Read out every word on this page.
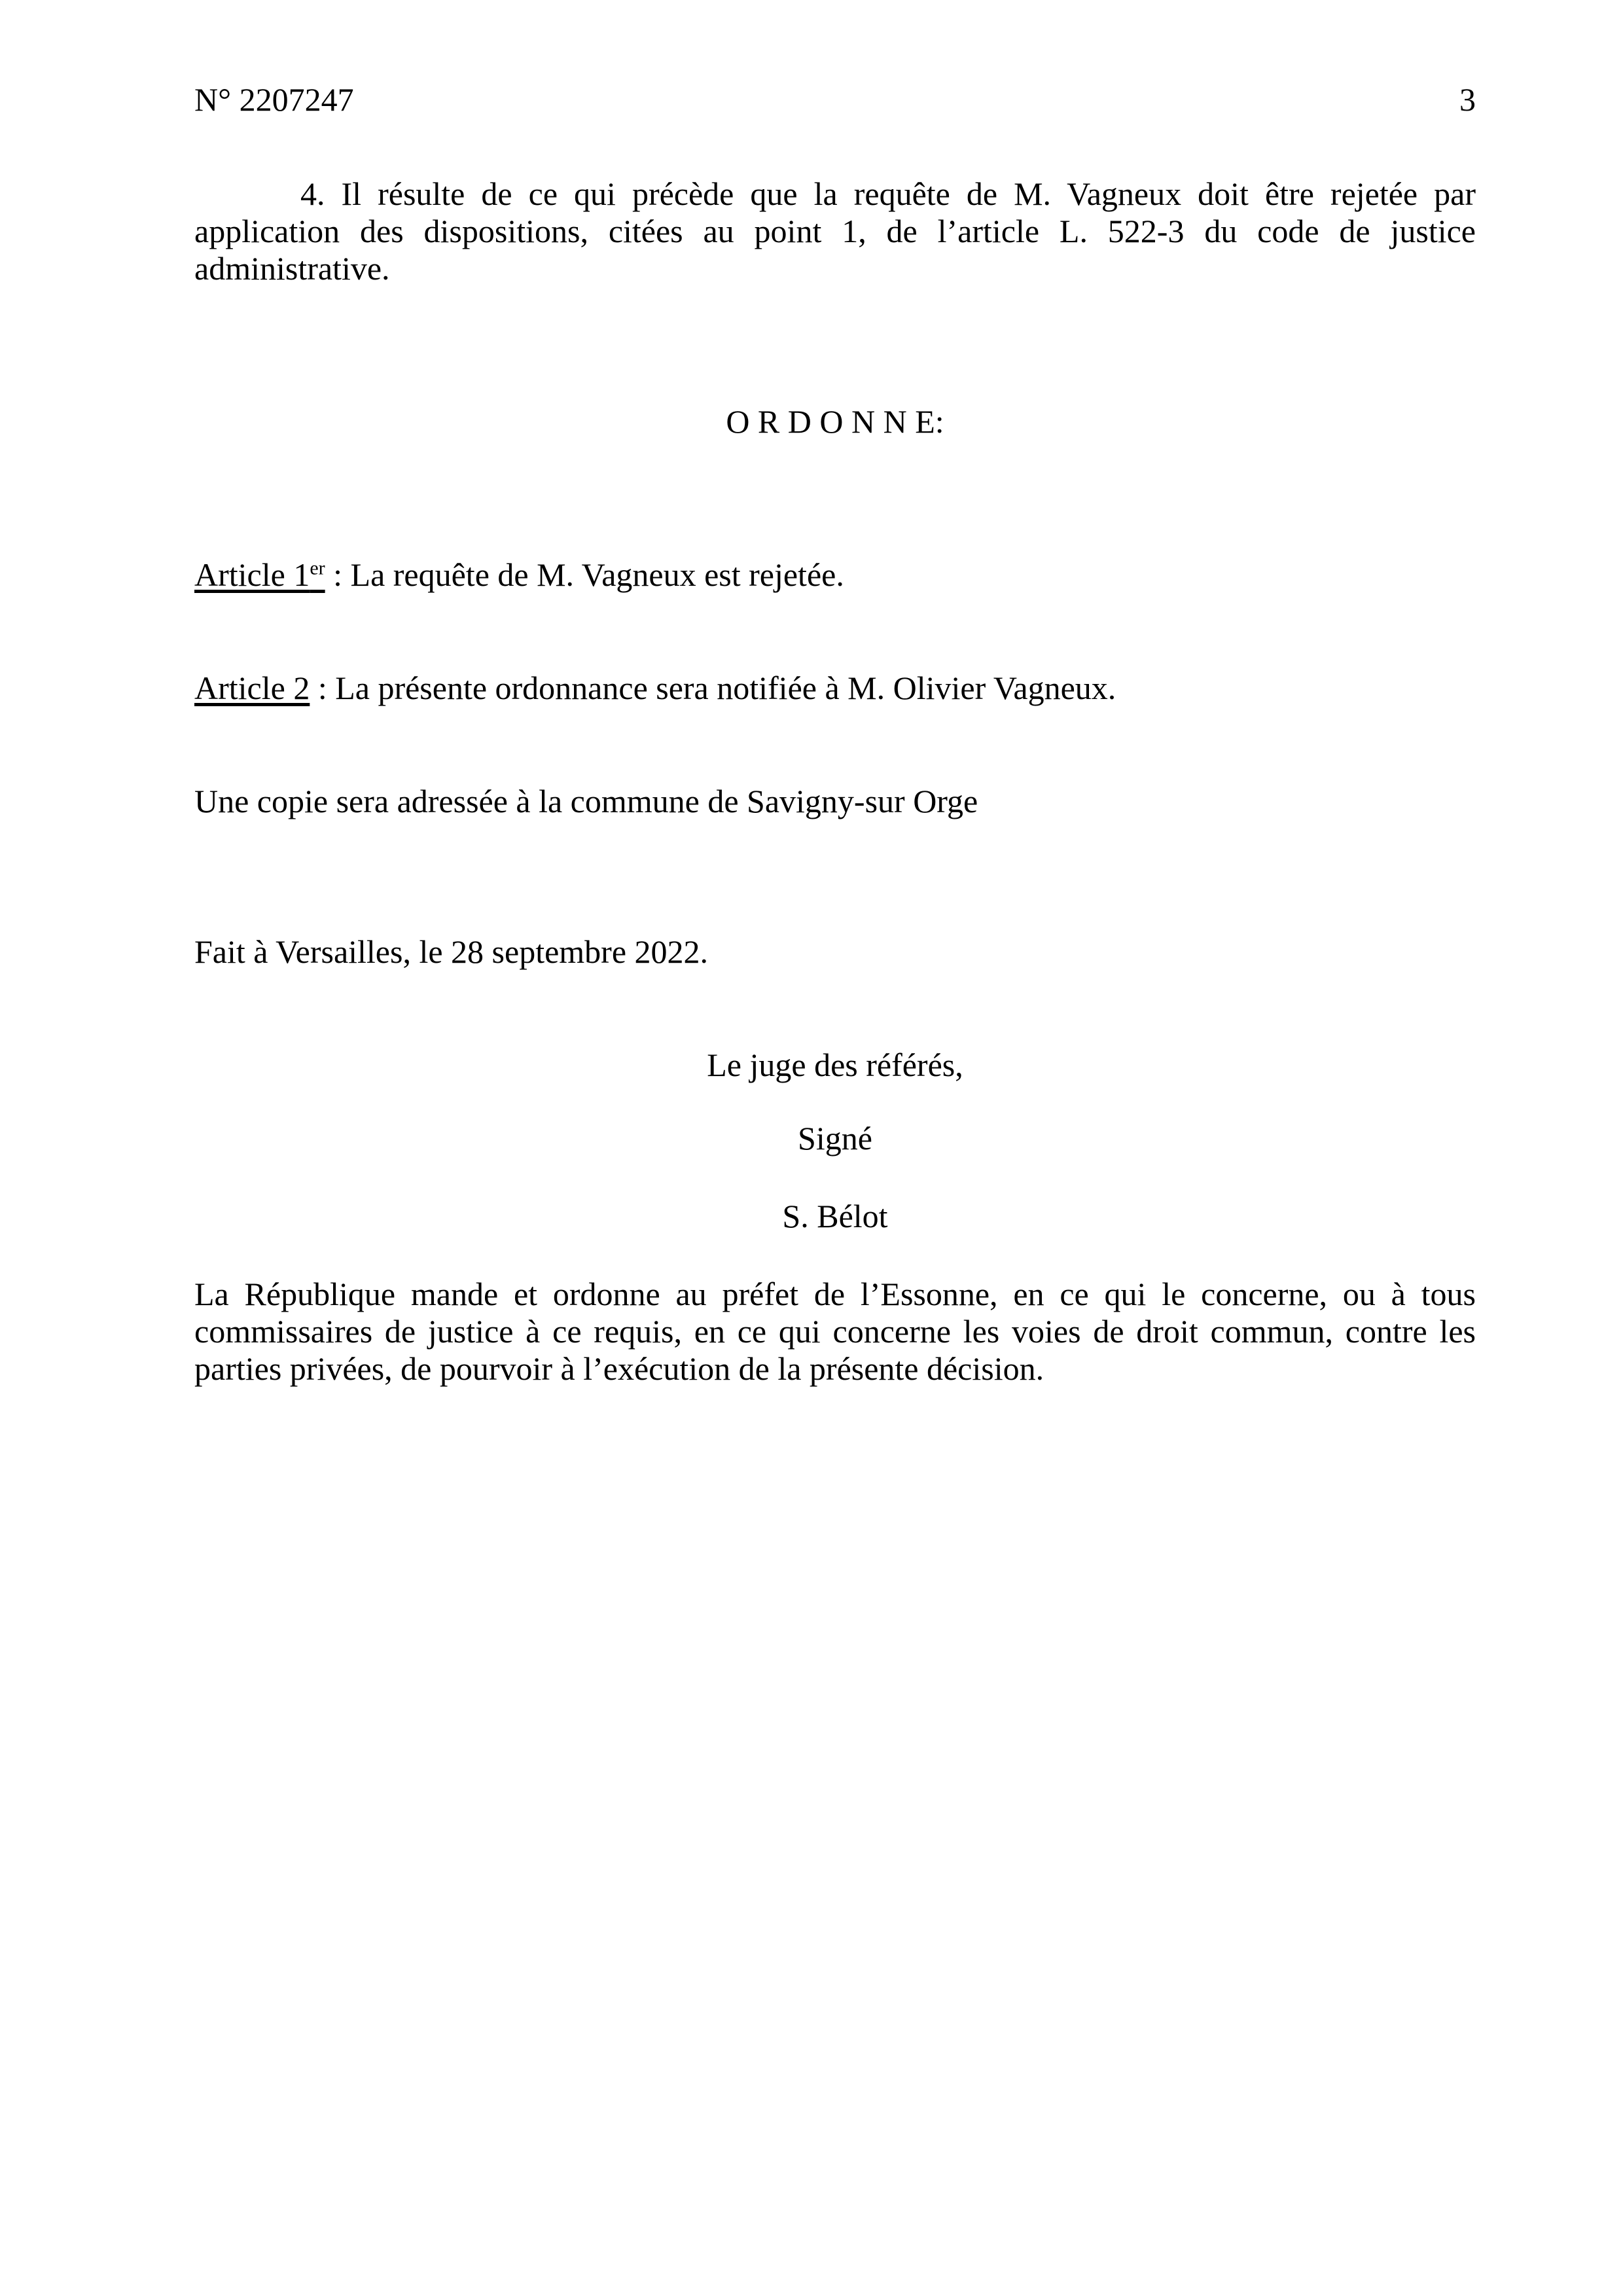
N° 2207247	3
4. Il résulte de ce qui précède que la requête de M. Vagneux doit être rejetée par application des dispositions, citées au point 1, de l’article L. 522-3 du code de justice administrative.
O R D O N N E:
Article 1er : La requête de M. Vagneux est rejetée.
Article 2 : La présente ordonnance sera notifiée à M. Olivier Vagneux.
Une copie sera adressée à la commune de Savigny-sur Orge
Fait à Versailles, le 28 septembre 2022.
Le juge des référés,
Signé
S. Bélot
La République mande et ordonne au préfet de l’Essonne, en ce qui le concerne, ou à tous commissaires de justice à ce requis, en ce qui concerne les voies de droit commun, contre les parties privées, de pourvoir à l’exécution de la présente décision.
